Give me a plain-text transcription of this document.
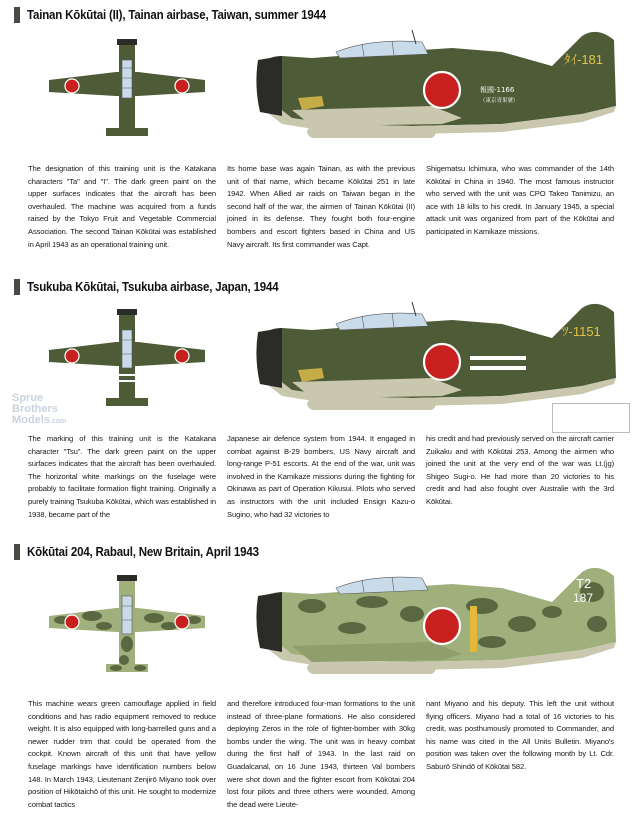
Tainan Kōkūtai (II), Tainan airbase, Taiwan, summer 1944
ﾀｲ-181
報國-1166
（東京青果號）
The designation of this training unit is the Katakana characters "Ta" and "I". The dark green paint on the upper surfaces indicates that the aircraft has been overhauled. The machine was acquired from a funds raised by the Tokyo Fruit and Vegetable Commercial Association. The second Tainan Kōkūtai was established in April 1943 as an operational training unit.
Its home base was again Tainan, as with the previous unit of that name, which became Kōkūtai 251 in late 1942. When Allied air raids on Taiwan began in the second half of the war, the airmen of Tainan Kōkūtai (II) joined in its defense. They fought both four-engine bombers and escort fighters based in China and US Navy aircraft. Its first commander was Capt.
Shigematsu Ichimura, who was commander of the 14th Kōkūtai in China in 1940. The most famous instructor who served with the unit was CPO Takeo Tanimizu, an ace with 18 kills to his credit. In January 1945, a special attack unit was organized from part of the Kōkūtai and participated in Kamikaze missions.
Tsukuba Kōkūtai, Tsukuba airbase, Japan, 1944
ﾂ-1151
Sprue
Brothers
Models.com
The marking of this training unit is the Katakana character "Tsu". The dark green paint on the upper surfaces indicates that the aircraft has been overhauled. The horizontal white markings on the fuselage were probably to facilitate formation flight training. Originally a purely training Tsukuba Kōkūtai, which was established in 1938, became part of the
Japanese air defence system from 1944. It engaged in combat against B-29 bombers, US Navy aircraft and long-range P-51 escorts. At the end of the war, unit was involved in the Kamikaze missions during the fighting for Okinawa as part of Operation Kikusui. Pilots who served as instructors with the unit included Ensign Kazu-o Sugino, who had 32 victories to
his credit and had previously served on the aircraft carrier Zuikaku and with Kōkūtai 253. Among the airmen who joined the unit at the very end of the war was Lt.(jg) Shigeo Sugi-o. He had more than 20 victories to his credit and had also fought over Australie with the 3rd Kōkūtai.
Kōkūtai 204, Rabaul, New Britain, April 1943
T2
187
This machine wears green camouflage applied in field conditions and has radio equipment removed to reduce weight. It is also equipped with long-barrelled guns and a newer rudder trim that could be operated from the cockpit. Known aircraft of this unit that have yellow fuselage markings have identification numbers below 148. In March 1943, Lieutenant Zenjirō Miyano took over position of Hikōtaichō of this unit. He sought to modernize combat tactics
and therefore introduced four-man formations to the unit instead of three-plane formations. He also considered deploying Zeros in the role of fighter-bomber with 30kg bombs under the wing. The unit was in heavy combat during the first half of 1943. In the last raid on Guadalcanal, on 16 June 1943, thirteen Val bombers were shot down and the fighter escort from Kōkūtai 204 lost four pilots and three others were wounded. Among the dead were Lieute-
nant Miyano and his deputy. This left the unit without flying officers. Miyano had a total of 16 victories to his credit, was posthumously promoted to Commander, and his name was cited in the All Units Bulletin. Miyano's position was taken over the following month by Lt. Cdr. Saburō Shindō of Kōkūtai 582.
